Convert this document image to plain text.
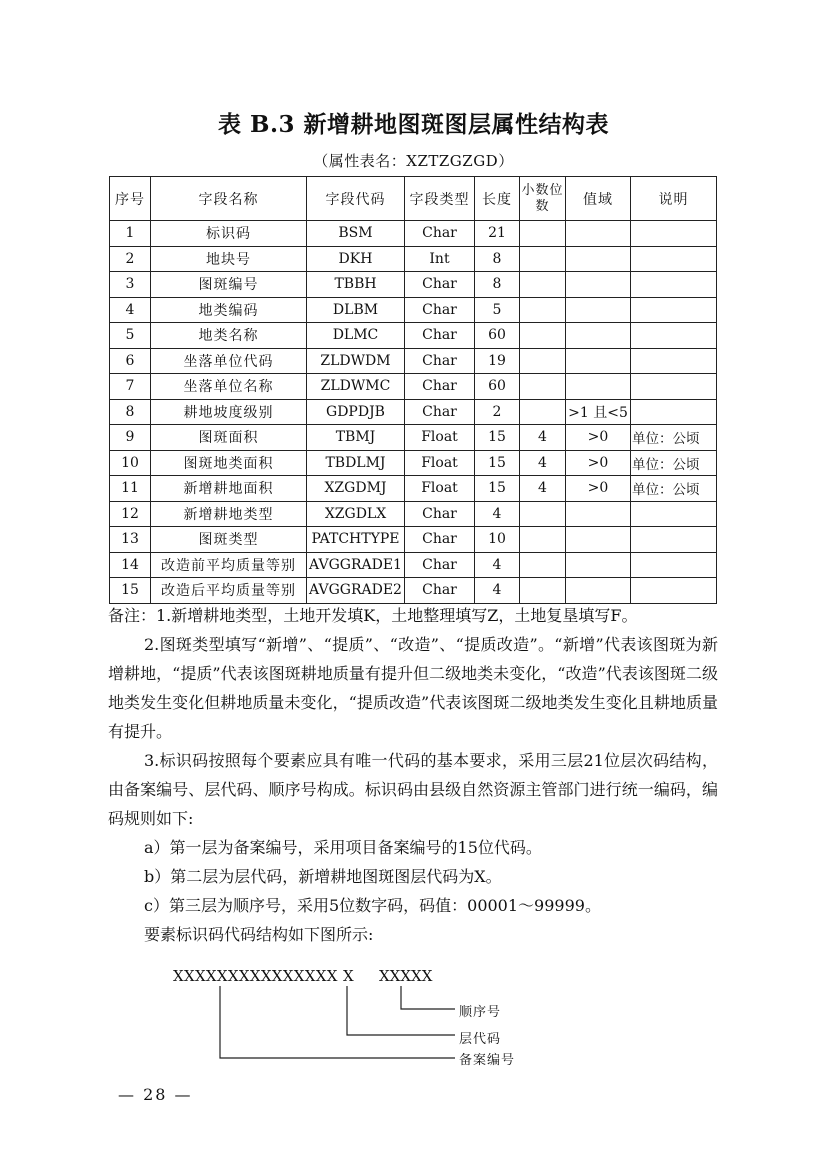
表 B.3 新增耕地图斑图层属性结构表
（属性表名：XZTZGZGD）
序号	字段名称	字段代码	字段类型	长度	小数位数	值域	说明
1	标识码	BSM	Char	21			
2	地块号	DKH	Int	8			
3	图斑编号	TBBH	Char	8			
4	地类编码	DLBM	Char	5			
5	地类名称	DLMC	Char	60			
6	坐落单位代码	ZLDWDM	Char	19			
7	坐落单位名称	ZLDWMC	Char	60			
8	耕地坡度级别	GDPDJB	Char	2		>1 且<5	
9	图斑面积	TBMJ	Float	15	4	>0	单位：公顷
10	图斑地类面积	TBDLMJ	Float	15	4	>0	单位：公顷
11	新增耕地面积	XZGDMJ	Float	15	4	>0	单位：公顷
12	新增耕地类型	XZGDLX	Char	4			
13	图斑类型	PATCHTYPE	Char	10			
14	改造前平均质量等别	AVGGRADE1	Char	4			
15	改造后平均质量等别	AVGGRADE2	Char	4			

备注：1.新增耕地类型，土地开发填K，土地整理填写Z，土地复垦填写F。

2.图斑类型填写“新增”、“提质”、“改造”、“提质改造”。“新增”代表该图斑为新增耕地，“提质”代表该图斑耕地质量有提升但二级地类未变化，“改造”代表该图斑二级地类发生变化但耕地质量未变化，“提质改造”代表该图斑二级地类发生变化且耕地质量有提升。

3.标识码按照每个要素应具有唯一代码的基本要求，采用三层21位层次码结构，由备案编号、层代码、顺序号构成。标识码由县级自然资源主管部门进行统一编码，编码规则如下:

a）第一层为备案编号，采用项目备案编号的15位代码。

b）第二层为层代码，新增耕地图斑图层代码为X。

c）第三层为顺序号，采用5位数字码，码值：00001～99999。

要素标识码代码结构如下图所示:

XXXXXXXXXXXXXXX X XXXXX
顺序号
层代码
备案编号
— 28 —
